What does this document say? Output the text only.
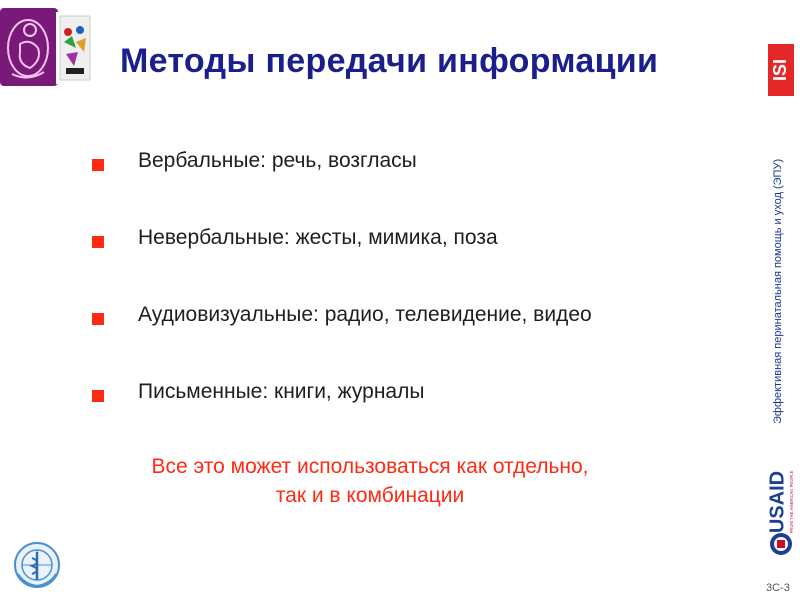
Методы передачи информации	ISI
Вербальные: речь, возгласы
Невербальные: жесты, мимика, поза
Аудиовизуальные: радио, телевидение, видео
Письменные: книги, журналы
Все это может использоваться как отдельно,
так и в комбинации
Эффективная перинатальная помощь и уход (ЭПУ)
USAID FROM THE AMERICAN PEOPLE
3С-3
